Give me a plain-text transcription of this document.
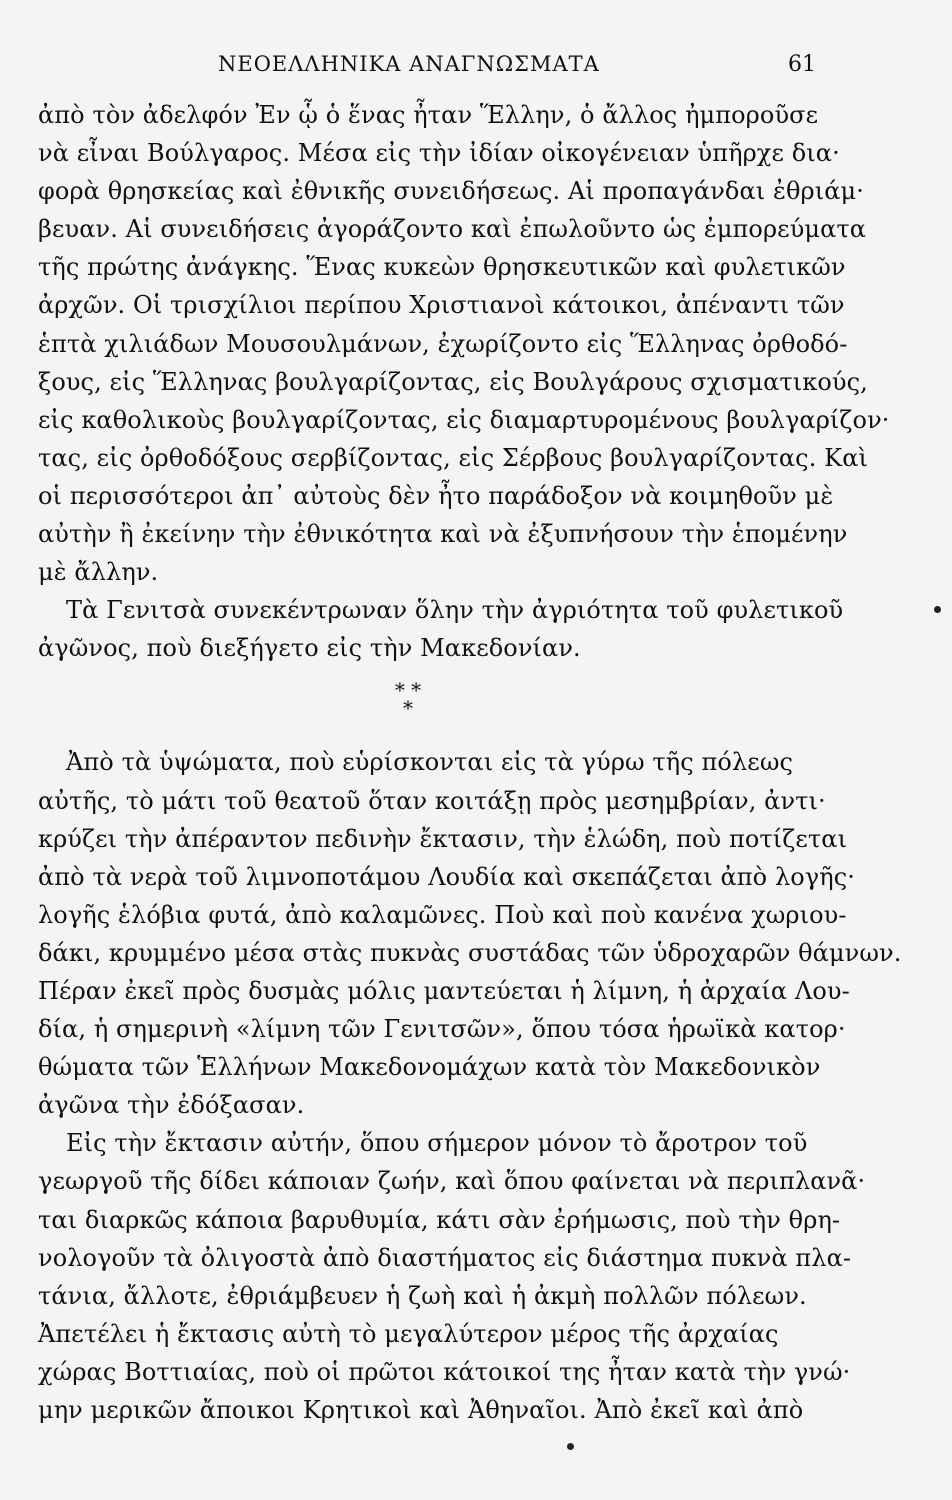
ΝΕΟΕΛΛΗΝΙΚΑ ΑΝΑΓΝΩΣΜΑΤΑ	61
ἀπὸ τὸν ἀδελφόν Ἐν ᾧ ὁ ἕνας ἦταν Ἕλλην, ὁ ἄλλος ἠμποροῦσε
νὰ εἶναι Βούλγαρος. Μέσα εἰς τὴν ἰδίαν οἰκογένειαν ὑπῆρχε δια·
φορὰ θρησκείας καὶ ἐθνικῆς συνειδήσεως. Αἱ προπαγάνδαι ἐθριάμ·
βευαν. Αἱ συνειδήσεις ἀγοράζοντο καὶ ἐπωλοῦντο ὡς ἐμπορεύματα
τῆς πρώτης ἀνάγκης. Ἕνας κυκεὼν θρησκευτικῶν καὶ φυλετικῶν
ἀρχῶν. Οἱ τρισχίλιοι περίπου Χριστιανοὶ κάτοικοι, ἀπέναντι τῶν
ἑπτὰ χιλιάδων Μουσουλμάνων, ἐχωρίζοντο εἰς Ἕλληνας ὀρθοδό-
ξους, εἰς Ἕλληνας βουλγαρίζοντας, εἰς Βουλγάρους σχισματικούς,
εἰς καθολικοὺς βουλγαρίζοντας, εἰς διαμαρτυρομένους βουλγαρίζον·
τας, εἰς ὀρθοδόξους σερβίζοντας, εἰς Σέρβους βουλγαρίζοντας. Καὶ
οἱ περισσότεροι ἀπ᾽ αὐτοὺς δὲν ἦτο παράδοξον νὰ κοιμηθοῦν μὲ
αὐτὴν ἢ ἐκείνην τὴν ἐθνικότητα καὶ νὰ ἐξυπνήσουν τὴν ἑπομένην
μὲ ἄλλην.
Τὰ Γενιτσὰ συνεκέντρωναν ὅλην τὴν ἀγριότητα τοῦ φυλετικοῦ
ἀγῶνος, ποὺ διεξήγετο εἰς τὴν Μακεδονίαν.
* *
*
Ἀπὸ τὰ ὑψώματα, ποὺ εὑρίσκονται εἰς τὰ γύρω τῆς πόλεως
αὐτῆς, τὸ μάτι τοῦ θεατοῦ ὅταν κοιτάξῃ πρὸς μεσημβρίαν, ἀντι·
κρύζει τὴν ἀπέραντον πεδινὴν ἔκτασιν, τὴν ἑλώδη, ποὺ ποτίζεται
ἀπὸ τὰ νερὰ τοῦ λιμνοποτάμου Λουδία καὶ σκεπάζεται ἀπὸ λογῆς·
λογῆς ἑλόβια φυτά, ἀπὸ καλαμῶνες. Ποὺ καὶ ποὺ κανένα χωριου-
δάκι, κρυμμένο μέσα στὰς πυκνὰς συστάδας τῶν ὑδροχαρῶν θάμνων.
Πέραν ἐκεῖ πρὸς δυσμὰς μόλις μαντεύεται ἡ λίμνη, ἡ ἀρχαία Λου-
δία, ἡ σημερινὴ «λίμνη τῶν Γενιτσῶν», ὅπου τόσα ἡρωϊκὰ κατορ·
θώματα τῶν Ἑλλήνων Μακεδονομάχων κατὰ τὸν Μακεδονικὸν
ἀγῶνα τὴν ἐδόξασαν.
Εἰς τὴν ἔκτασιν αὐτήν, ὅπου σήμερον μόνον τὸ ἄροτρον τοῦ
γεωργοῦ τῆς δίδει κάποιαν ζωήν, καὶ ὅπου φαίνεται νὰ περιπλανᾶ·
ται διαρκῶς κάποια βαρυθυμία, κάτι σὰν ἐρήμωσις, ποὺ τὴν θρη-
νολογοῦν τὰ ὀλιγοστὰ ἀπὸ διαστήματος εἰς διάστημα πυκνὰ πλα-
τάνια, ἄλλοτε, ἐθριάμβευεν ἡ ζωὴ καὶ ἡ ἀκμὴ πολλῶν πόλεων.
Ἀπετέλει ἡ ἔκτασις αὐτὴ τὸ μεγαλύτερον μέρος τῆς ἀρχαίας
χώρας Βοττιαίας, ποὺ οἱ πρῶτοι κάτοικοί της ἦταν κατὰ τὴν γνώ·
μην μερικῶν ἄποικοι Κρητικοὶ καὶ Ἀθηναῖοι. Ἀπὸ ἐκεῖ καὶ ἀπὸ
